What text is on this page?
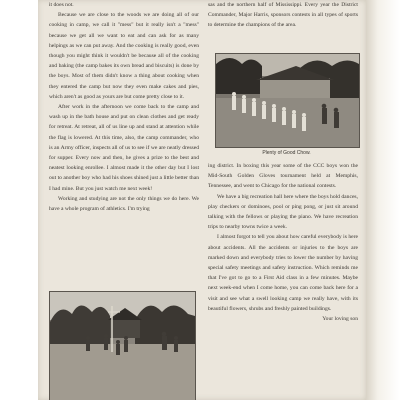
it does not.

Because we are close to the woods we are doing all of our cooking in camp, we call it "mess" but it really isn't a "mess" because we get all we want to eat and can ask for as many helpings as we can put away. And the cooking is really good, even though you might think it wouldn't be because all of the cooking and baking (the camp bakes its own bread and biscuits) is done by the boys. Most of them didn't know a thing about cooking when they entered the camp but now they even make cakes and pies, which aren't as good as yours are but come pretty close to it.

After work in the afternoon we come back to the camp and wash up in the bath house and put on clean clothes and get ready for retreat. At retreat, all of us line up and stand at attention while the flag is lowered. At this time, also, the camp commander, who is an Army officer, inspects all of us to see if we are neatly dressed for supper. Every now and then, he gives a prize to the best and neatest looking enrollee. I almost made it the other day but I lost out to another boy who had his shoes shined just a little better than I had mine. But you just watch me next week!

Working and studying are not the only things we do here. We have a whole program of athletics. I'm trying

sas and the northern half of Mississippi. Every year the District Commander, Major Harris, sponsors contests in all types of sports to determine the champions of the area.

Plenty of Good Chow.

ing district. In boxing this year some of the CCC boys won the Mid-South Golden Gloves tournament held at Memphis, Tennessee, and went to Chicago for the national contests.

We have a big recreation hall here where the boys hold dances, play checkers or dominoes, pool or ping pong, or just sit around talking with the fellows or playing the piano. We have recreation trips to nearby towns twice a week.

I almost forgot to tell you about how careful everybody is here about accidents. All the accidents or injuries to the boys are marked down and everybody tries to lower the number by having special safety meetings and safety instruction. Which reminds me that I've got to go to a First Aid class in a few minutes. Maybe next week-end when I come home, you can come back here for a visit and see what a swell looking camp we really have, with its beautiful flowers, shrubs and freshly painted buildings.

Your loving son
